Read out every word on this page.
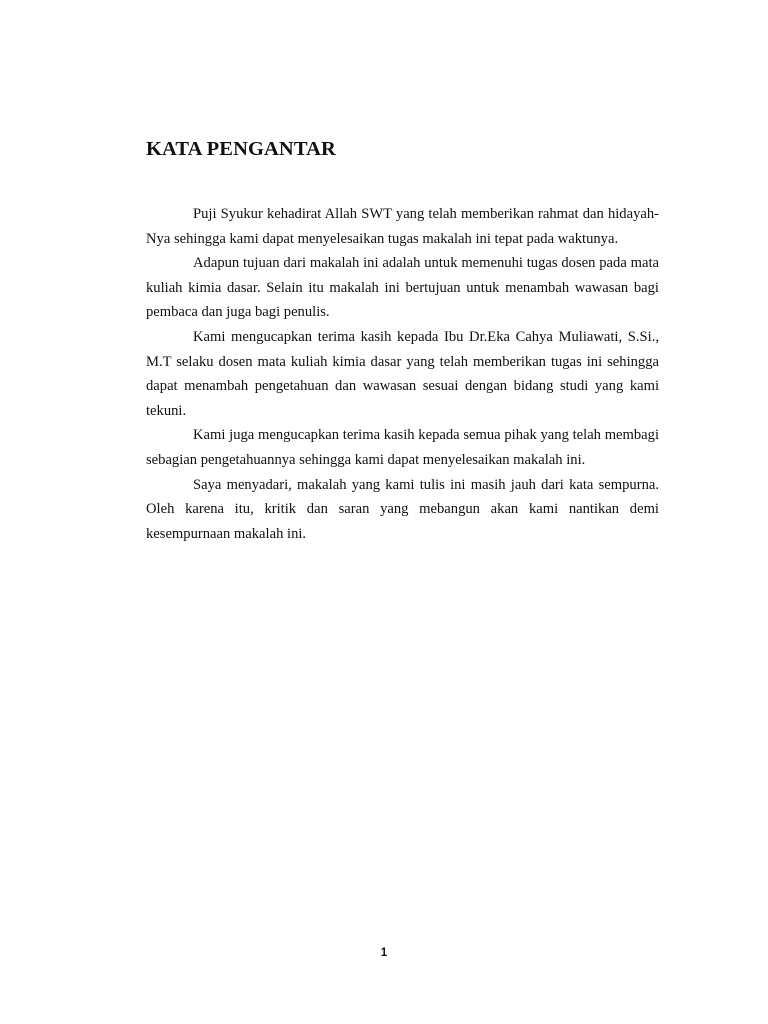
KATA PENGANTAR

Puji Syukur kehadirat Allah SWT yang telah memberikan rahmat dan hidayah-Nya sehingga kami dapat menyelesaikan tugas makalah ini tepat pada waktunya.

Adapun tujuan dari makalah ini adalah untuk memenuhi tugas dosen pada mata kuliah kimia dasar. Selain itu makalah ini bertujuan untuk menambah wawasan bagi pembaca dan juga bagi penulis.

Kami mengucapkan terima kasih kepada Ibu Dr.Eka Cahya Muliawati, S.Si., M.T selaku dosen mata kuliah kimia dasar yang telah memberikan tugas ini sehingga dapat menambah pengetahuan dan wawasan sesuai dengan bidang studi yang kami tekuni.

Kami juga mengucapkan terima kasih kepada semua pihak yang telah membagi sebagian pengetahuannya sehingga kami dapat menyelesaikan makalah ini.

Saya menyadari, makalah yang kami tulis ini masih jauh dari kata sempurna. Oleh karena itu, kritik dan saran yang mebangun akan kami nantikan demi kesempurnaan makalah ini.

1
